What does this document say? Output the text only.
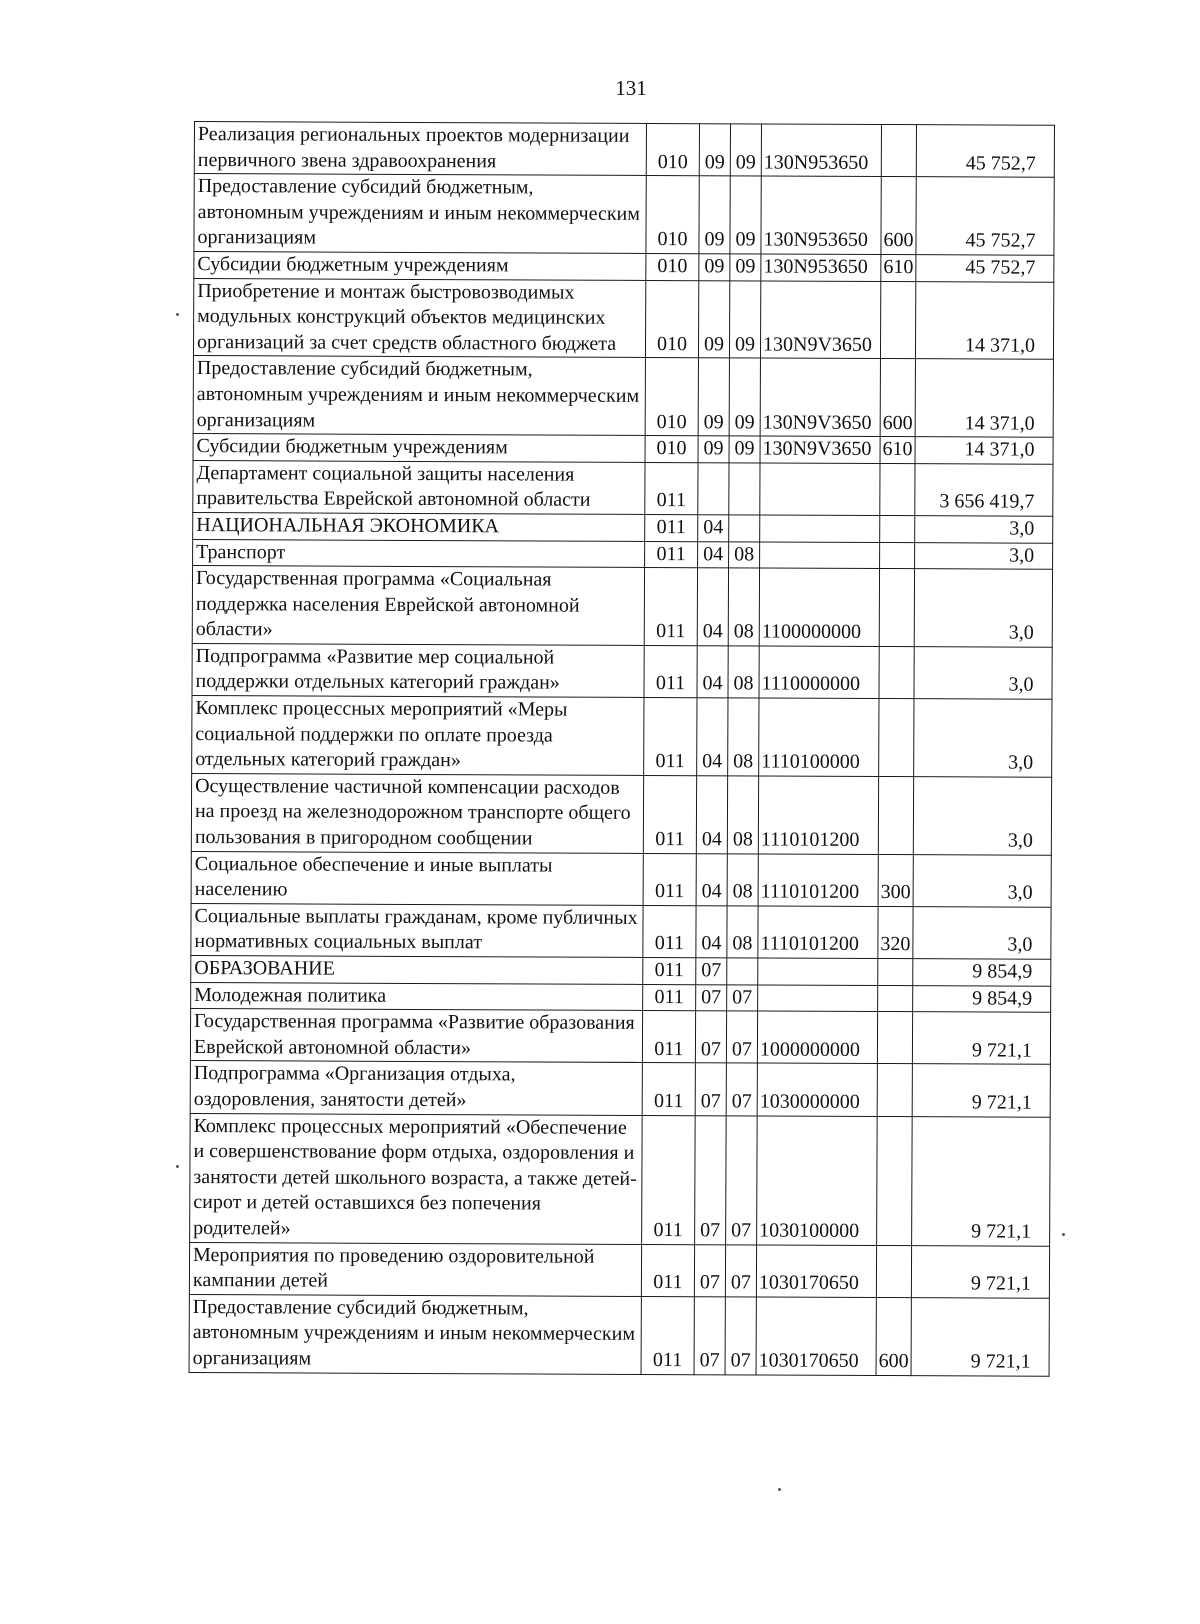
131
Реализация региональных проектов модернизации первичного звена здравоохранения	010	09	09	130N953650		45 752,7
Предоставление субсидий бюджетным, автономным учреждениям и иным некоммерческим организациям	010	09	09	130N953650	600	45 752,7
Субсидии бюджетным учреждениям	010	09	09	130N953650	610	45 752,7
Приобретение и монтаж быстровозводимых модульных конструкций объектов медицинских организаций за счет средств областного бюджета	010	09	09	130N9V3650		14 371,0
Предоставление субсидий бюджетным, автономным учреждениям и иным некоммерческим организациям	010	09	09	130N9V3650	600	14 371,0
Субсидии бюджетным учреждениям	010	09	09	130N9V3650	610	14 371,0
Департамент социальной защиты населения правительства Еврейской автономной области	011					3 656 419,7
НАЦИОНАЛЬНАЯ ЭКОНОМИКА	011	04				3,0
Транспорт	011	04	08			3,0
Государственная программа «Социальная поддержка населения Еврейской автономной области»	011	04	08	1100000000		3,0
Подпрограмма «Развитие мер социальной поддержки отдельных категорий граждан»	011	04	08	1110000000		3,0
Комплекс процессных мероприятий «Меры социальной поддержки по оплате проезда отдельных категорий граждан»	011	04	08	1110100000		3,0
Осуществление частичной компенсации расходов на проезд на железнодорожном транспорте общего пользования в пригородном сообщении	011	04	08	1110101200		3,0
Социальное обеспечение и иные выплаты населению	011	04	08	1110101200	300	3,0
Социальные выплаты гражданам, кроме публичных нормативных социальных выплат	011	04	08	1110101200	320	3,0
ОБРАЗОВАНИЕ	011	07				9 854,9
Молодежная политика	011	07	07			9 854,9
Государственная программа «Развитие образования Еврейской автономной области»	011	07	07	1000000000		9 721,1
Подпрограмма «Организация отдыха, оздоровления, занятости детей»	011	07	07	1030000000		9 721,1
Комплекс процессных мероприятий «Обеспечение и совершенствование форм отдыха, оздоровления и занятости детей школьного возраста, а также детей-сирот и детей оставшихся без попечения родителей»	011	07	07	1030100000		9 721,1
Мероприятия по проведению оздоровительной кампании детей	011	07	07	1030170650		9 721,1
Предоставление субсидий бюджетным, автономным учреждениям и иным некоммерческим организациям	011	07	07	1030170650	600	9 721,1
